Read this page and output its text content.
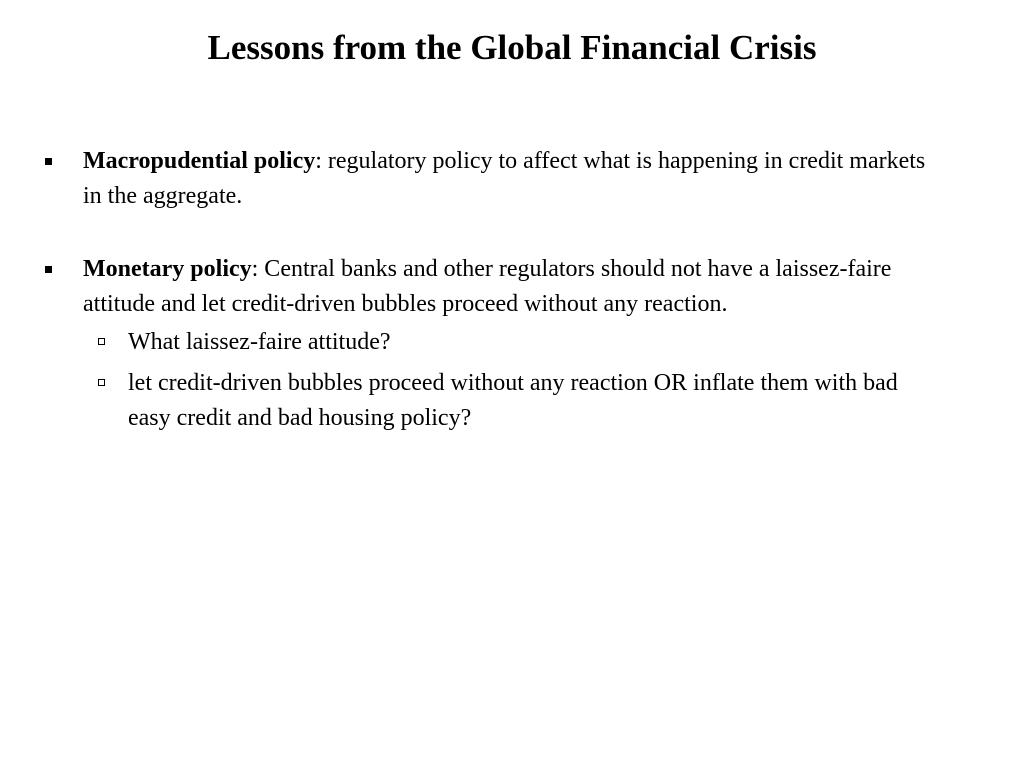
Lessons from the Global Financial Crisis
Macropudential policy: regulatory policy to affect what is happening in credit markets in the aggregate.
Monetary policy: Central banks and other regulators should not have a laissez-faire attitude and let credit-driven bubbles proceed without any reaction.
What laissez-faire attitude?
let credit-driven bubbles proceed without any reaction OR inflate them with bad easy credit and bad housing policy?
